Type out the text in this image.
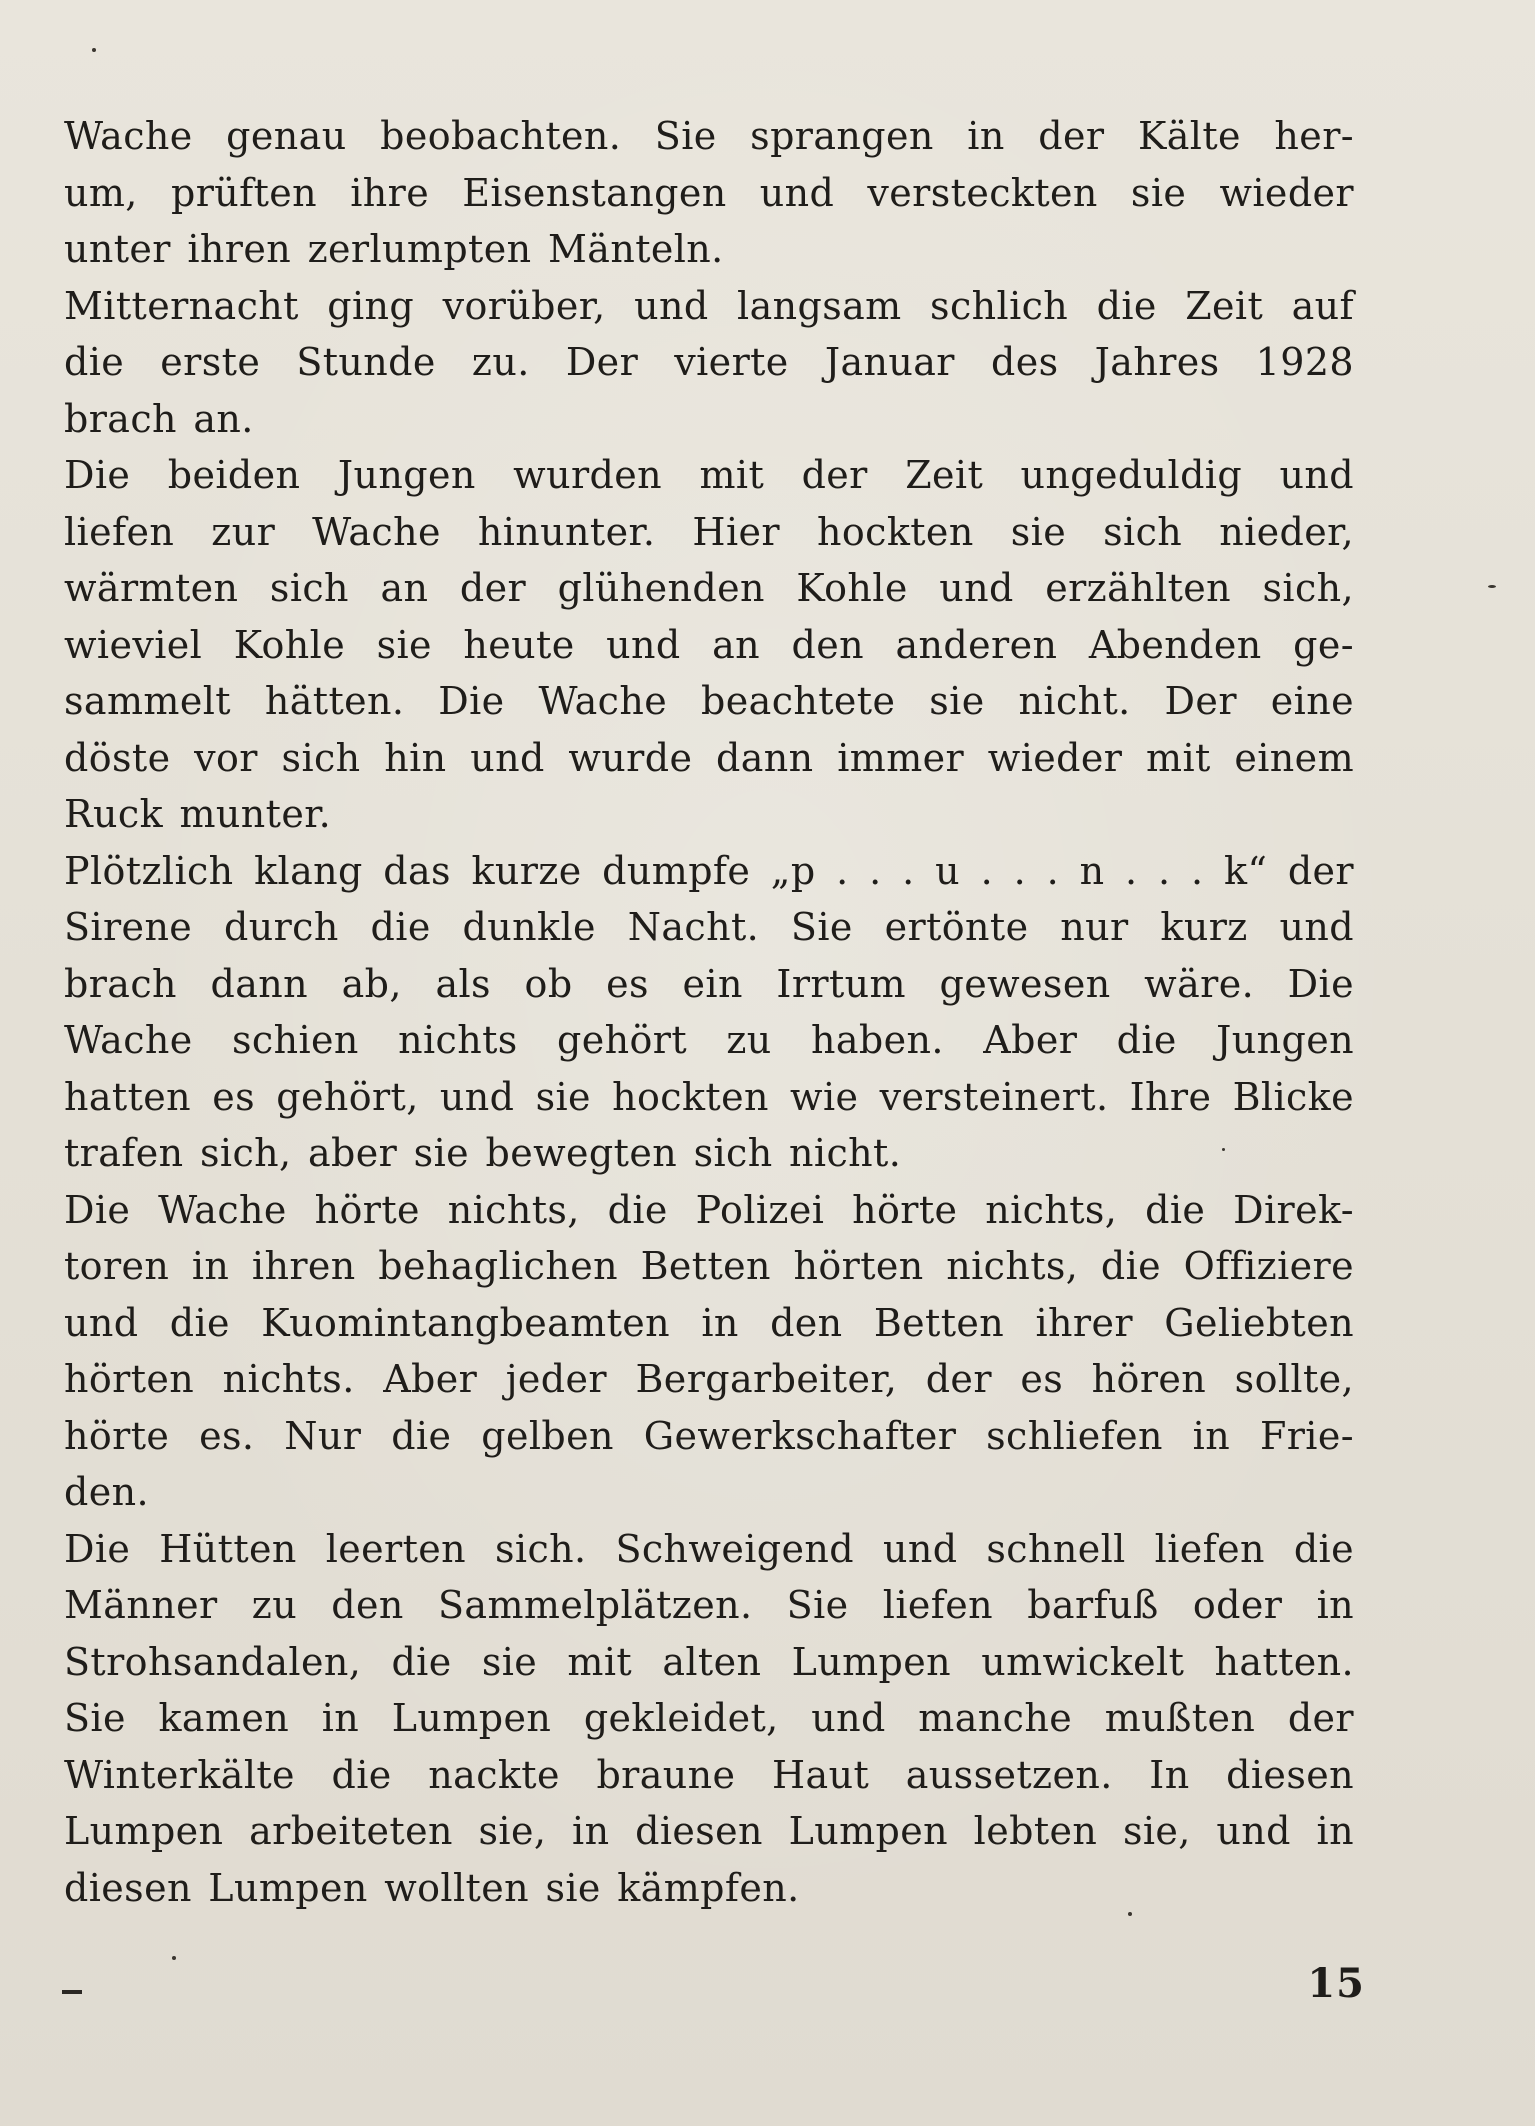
Wache genau beobachten. Sie sprangen in der Kälte her-
um, prüften ihre Eisenstangen und versteckten sie wieder
unter ihren zerlumpten Mänteln.

Mitternacht ging vorüber, und langsam schlich die Zeit auf
die erste Stunde zu. Der vierte Januar des Jahres 1928
brach an.

Die beiden Jungen wurden mit der Zeit ungeduldig und
liefen zur Wache hinunter. Hier hockten sie sich nieder,
wärmten sich an der glühenden Kohle und erzählten sich,
wieviel Kohle sie heute und an den anderen Abenden ge-
sammelt hätten. Die Wache beachtete sie nicht. Der eine
döste vor sich hin und wurde dann immer wieder mit einem
Ruck munter.

Plötzlich klang das kurze dumpfe „p . . . u . . . n . . . k“ der
Sirene durch die dunkle Nacht. Sie ertönte nur kurz und
brach dann ab, als ob es ein Irrtum gewesen wäre. Die
Wache schien nichts gehört zu haben. Aber die Jungen
hatten es gehört, und sie hockten wie versteinert. Ihre Blicke
trafen sich, aber sie bewegten sich nicht.

Die Wache hörte nichts, die Polizei hörte nichts, die Direk-
toren in ihren behaglichen Betten hörten nichts, die Offiziere
und die Kuomintangbeamten in den Betten ihrer Geliebten
hörten nichts. Aber jeder Bergarbeiter, der es hören sollte,
hörte es. Nur die gelben Gewerkschafter schliefen in Frie-
den.

Die Hütten leerten sich. Schweigend und schnell liefen die
Männer zu den Sammelplätzen. Sie liefen barfuß oder in
Strohsandalen, die sie mit alten Lumpen umwickelt hatten.
Sie kamen in Lumpen gekleidet, und manche mußten der
Winterkälte die nackte braune Haut aussetzen. In diesen
Lumpen arbeiteten sie, in diesen Lumpen lebten sie, und in
diesen Lumpen wollten sie kämpfen.

15
